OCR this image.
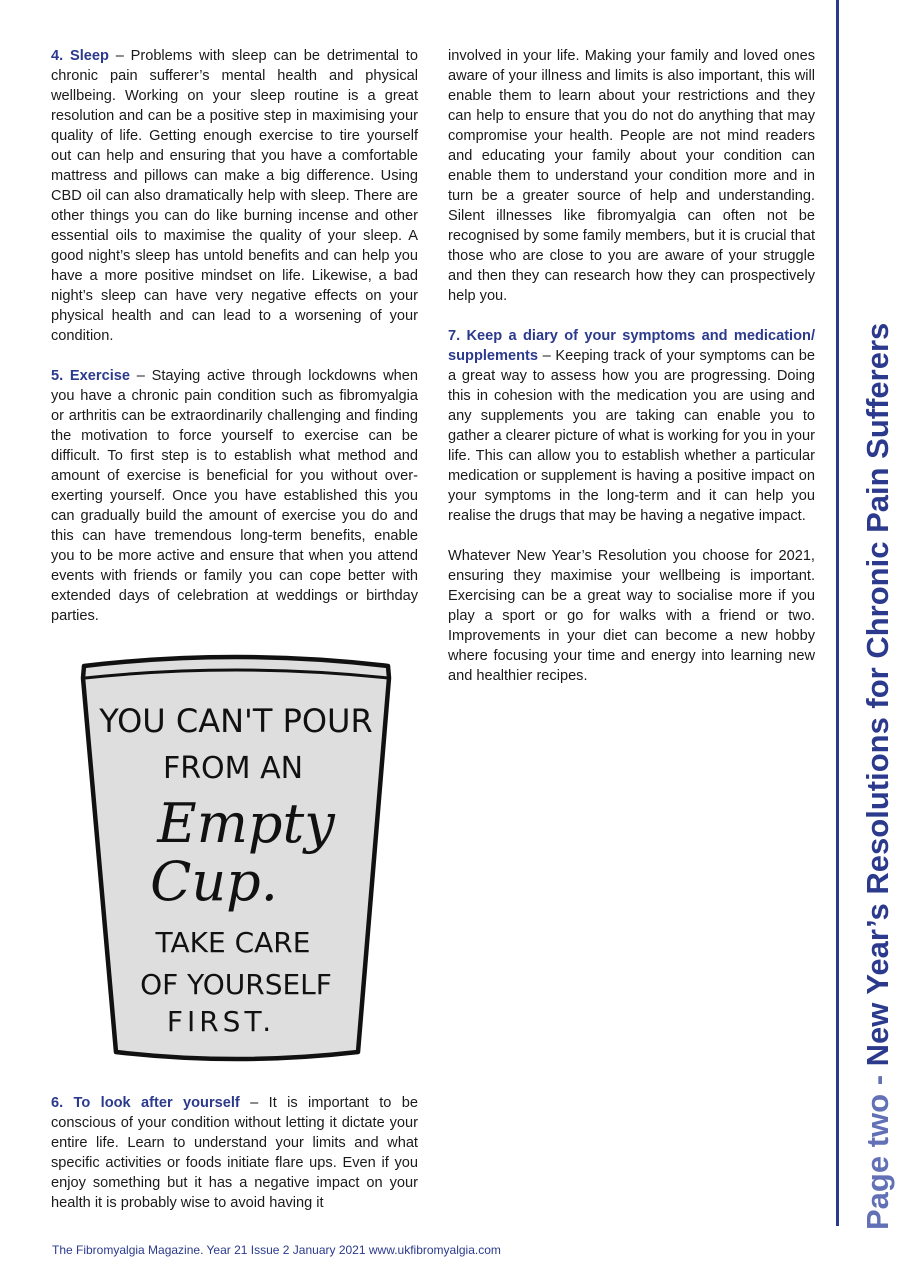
4. Sleep – Problems with sleep can be detrimental to chronic pain sufferer’s mental health and physical wellbeing. Working on your sleep routine is a great resolution and can be a positive step in maximising your quality of life. Getting enough exercise to tire yourself out can help and ensuring that you have a comfortable mattress and pillows can make a big difference. Using CBD oil can also dramatically help with sleep. There are other things you can do like burning incense and other essential oils to maximise the quality of your sleep. A good night’s sleep has untold benefits and can help you have a more positive mindset on life. Likewise, a bad night’s sleep can have very negative effects on your physical health and can lead to a worsening of your condition.

5. Exercise – Staying active through lockdowns when you have a chronic pain condition such as fibromyalgia or arthritis can be extraordinarily challenging and finding the motivation to force yourself to exercise can be difficult. To first step is to establish what method and amount of exercise is beneficial for you without over-exerting yourself. Once you have established this you can gradually build the amount of exercise you do and this can have tremendous long-term benefits, enable you to be more active and ensure that when you attend events with friends or family you can cope better with extended days of celebration at weddings or birthday parties.

YOU CAN'T POUR
FROM AN
Empty
Cup.
TAKE CARE
OF YOURSELF
FIRST.

6. To look after yourself – It is important to be conscious of your condition without letting it dictate your entire life. Learn to understand your limits and what specific activities or foods initiate flare ups. Even if you enjoy something but it has a negative impact on your health it is probably wise to avoid having it

involved in your life. Making your family and loved ones aware of your illness and limits is also important, this will enable them to learn about your restrictions and they can help to ensure that you do not do anything that may compromise your health. People are not mind readers and educating your family about your condition can enable them to understand your condition more and in turn be a greater source of help and understanding. Silent illnesses like fibromyalgia can often not be recognised by some family members, but it is crucial that those who are close to you are aware of your struggle and then they can research how they can prospectively help you.

7. Keep a diary of your symptoms and medication/ supplements – Keeping track of your symptoms can be a great way to assess how you are progressing. Doing this in cohesion with the medication you are using and any supplements you are taking can enable you to gather a clearer picture of what is working for you in your life. This can allow you to establish whether a particular medication or supplement is having a positive impact on your symptoms in the long-term and it can help you realise the drugs that may be having a negative impact.

Whatever New Year’s Resolution you choose for 2021, ensuring they maximise your wellbeing is important. Exercising can be a great way to socialise more if you play a sport or go for walks with a friend or two. Improvements in your diet can become a new hobby where focusing your time and energy into learning new and healthier recipes.

The Fibromyalgia Magazine. Year 21 Issue 2 January 2021 www.ukfibromyalgia.com
Page two - New Year’s Resolutions for Chronic Pain Sufferers
